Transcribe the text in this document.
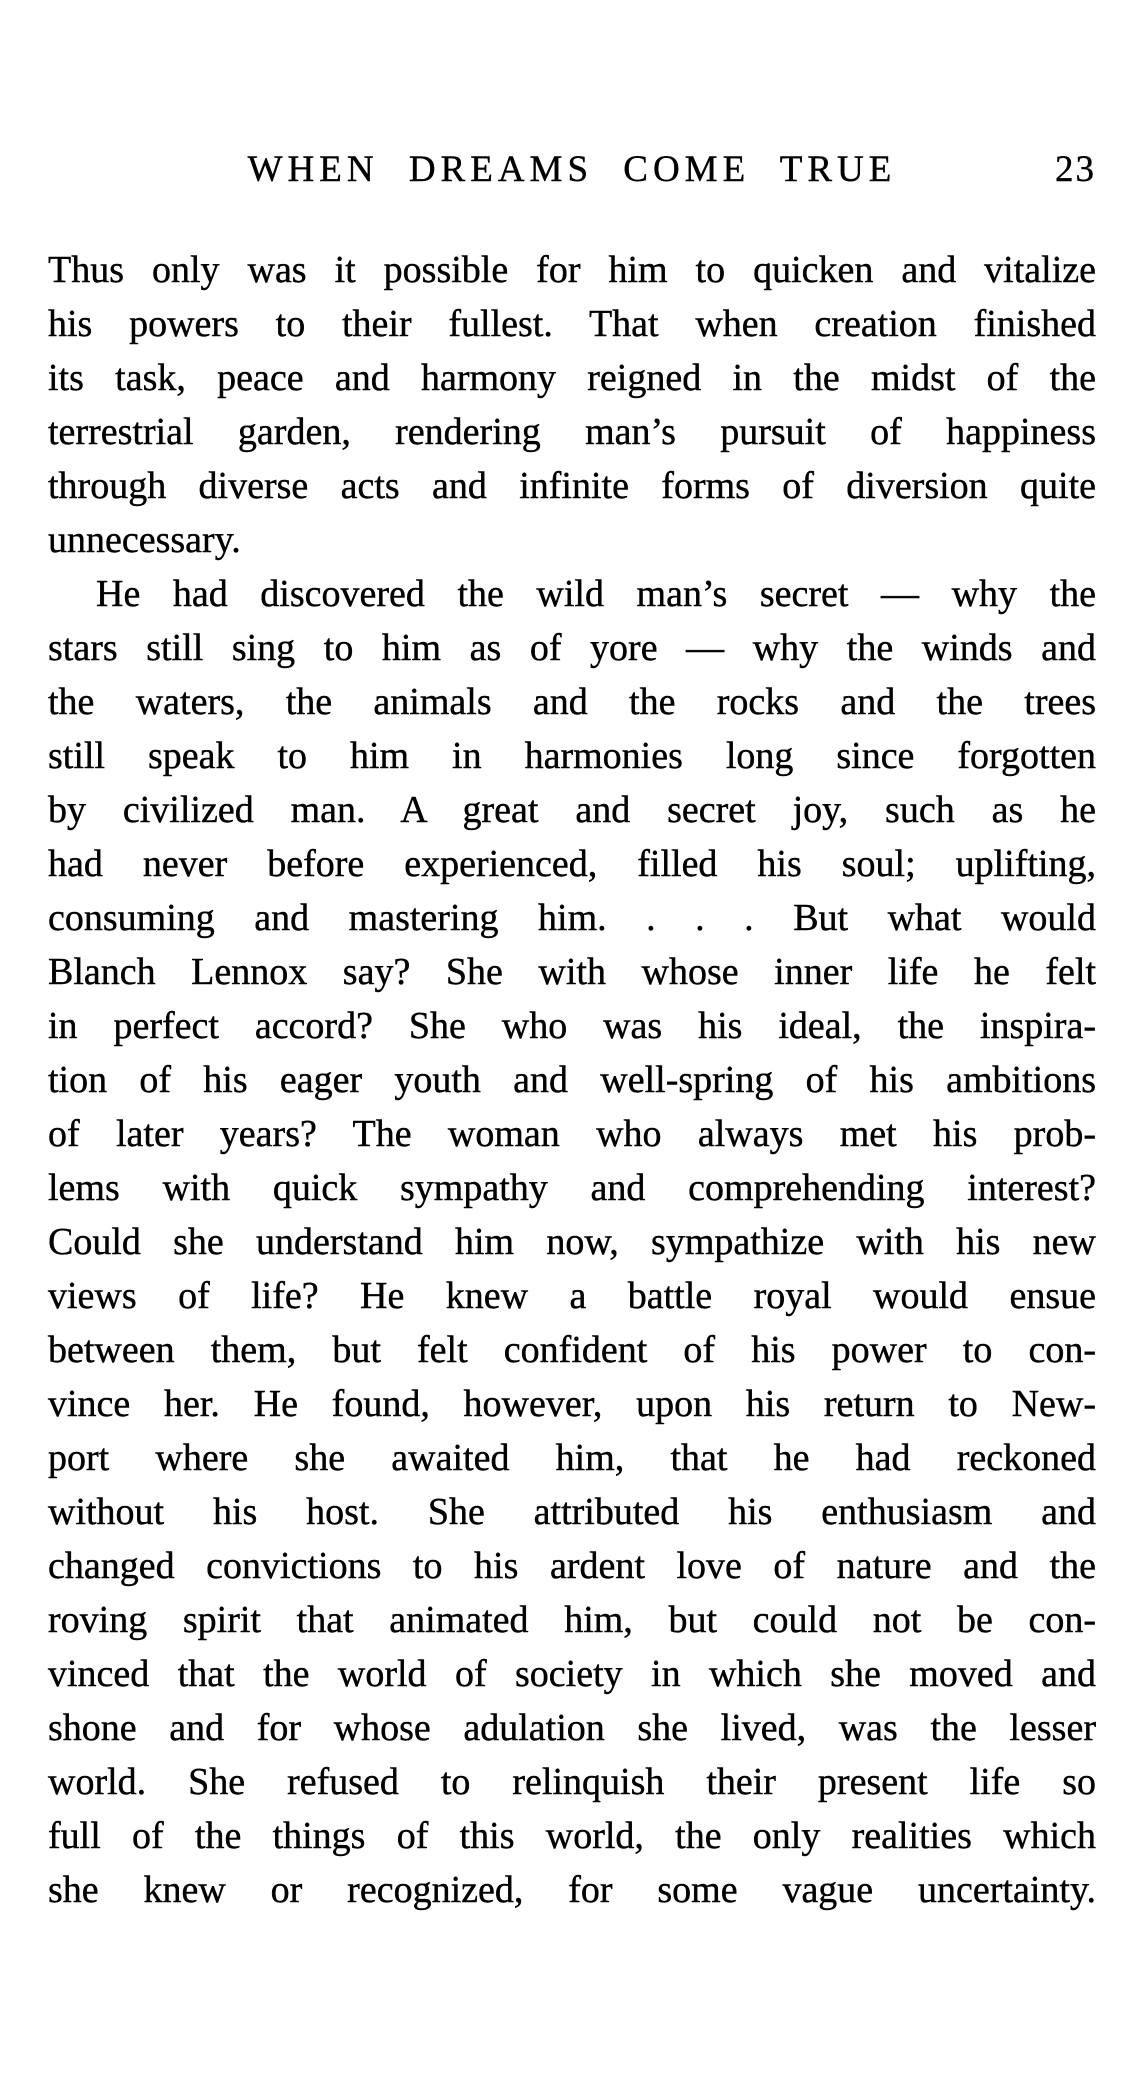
WHEN DREAMS COME TRUE	23
Thus only was it possible for him to quicken and vitalize
his powers to their fullest. That when creation finished
its task, peace and harmony reigned in the midst of the
terrestrial garden, rendering man’s pursuit of happiness
through diverse acts and infinite forms of diversion quite
unnecessary.
He had discovered the wild man’s secret — why the
stars still sing to him as of yore — why the winds and
the waters, the animals and the rocks and the trees
still speak to him in harmonies long since forgotten
by civilized man. A great and secret joy, such as he
had never before experienced, filled his soul; uplifting,
consuming and mastering him. . . . But what would
Blanch Lennox say? She with whose inner life he felt
in perfect accord? She who was his ideal, the inspira-
tion of his eager youth and well-spring of his ambitions
of later years? The woman who always met his prob-
lems with quick sympathy and comprehending interest?
Could she understand him now, sympathize with his new
views of life? He knew a battle royal would ensue
between them, but felt confident of his power to con-
vince her. He found, however, upon his return to New-
port where she awaited him, that he had reckoned
without his host. She attributed his enthusiasm and
changed convictions to his ardent love of nature and the
roving spirit that animated him, but could not be con-
vinced that the world of society in which she moved and
shone and for whose adulation she lived, was the lesser
world. She refused to relinquish their present life so
full of the things of this world, the only realities which
she knew or recognized, for some vague uncertainty.
